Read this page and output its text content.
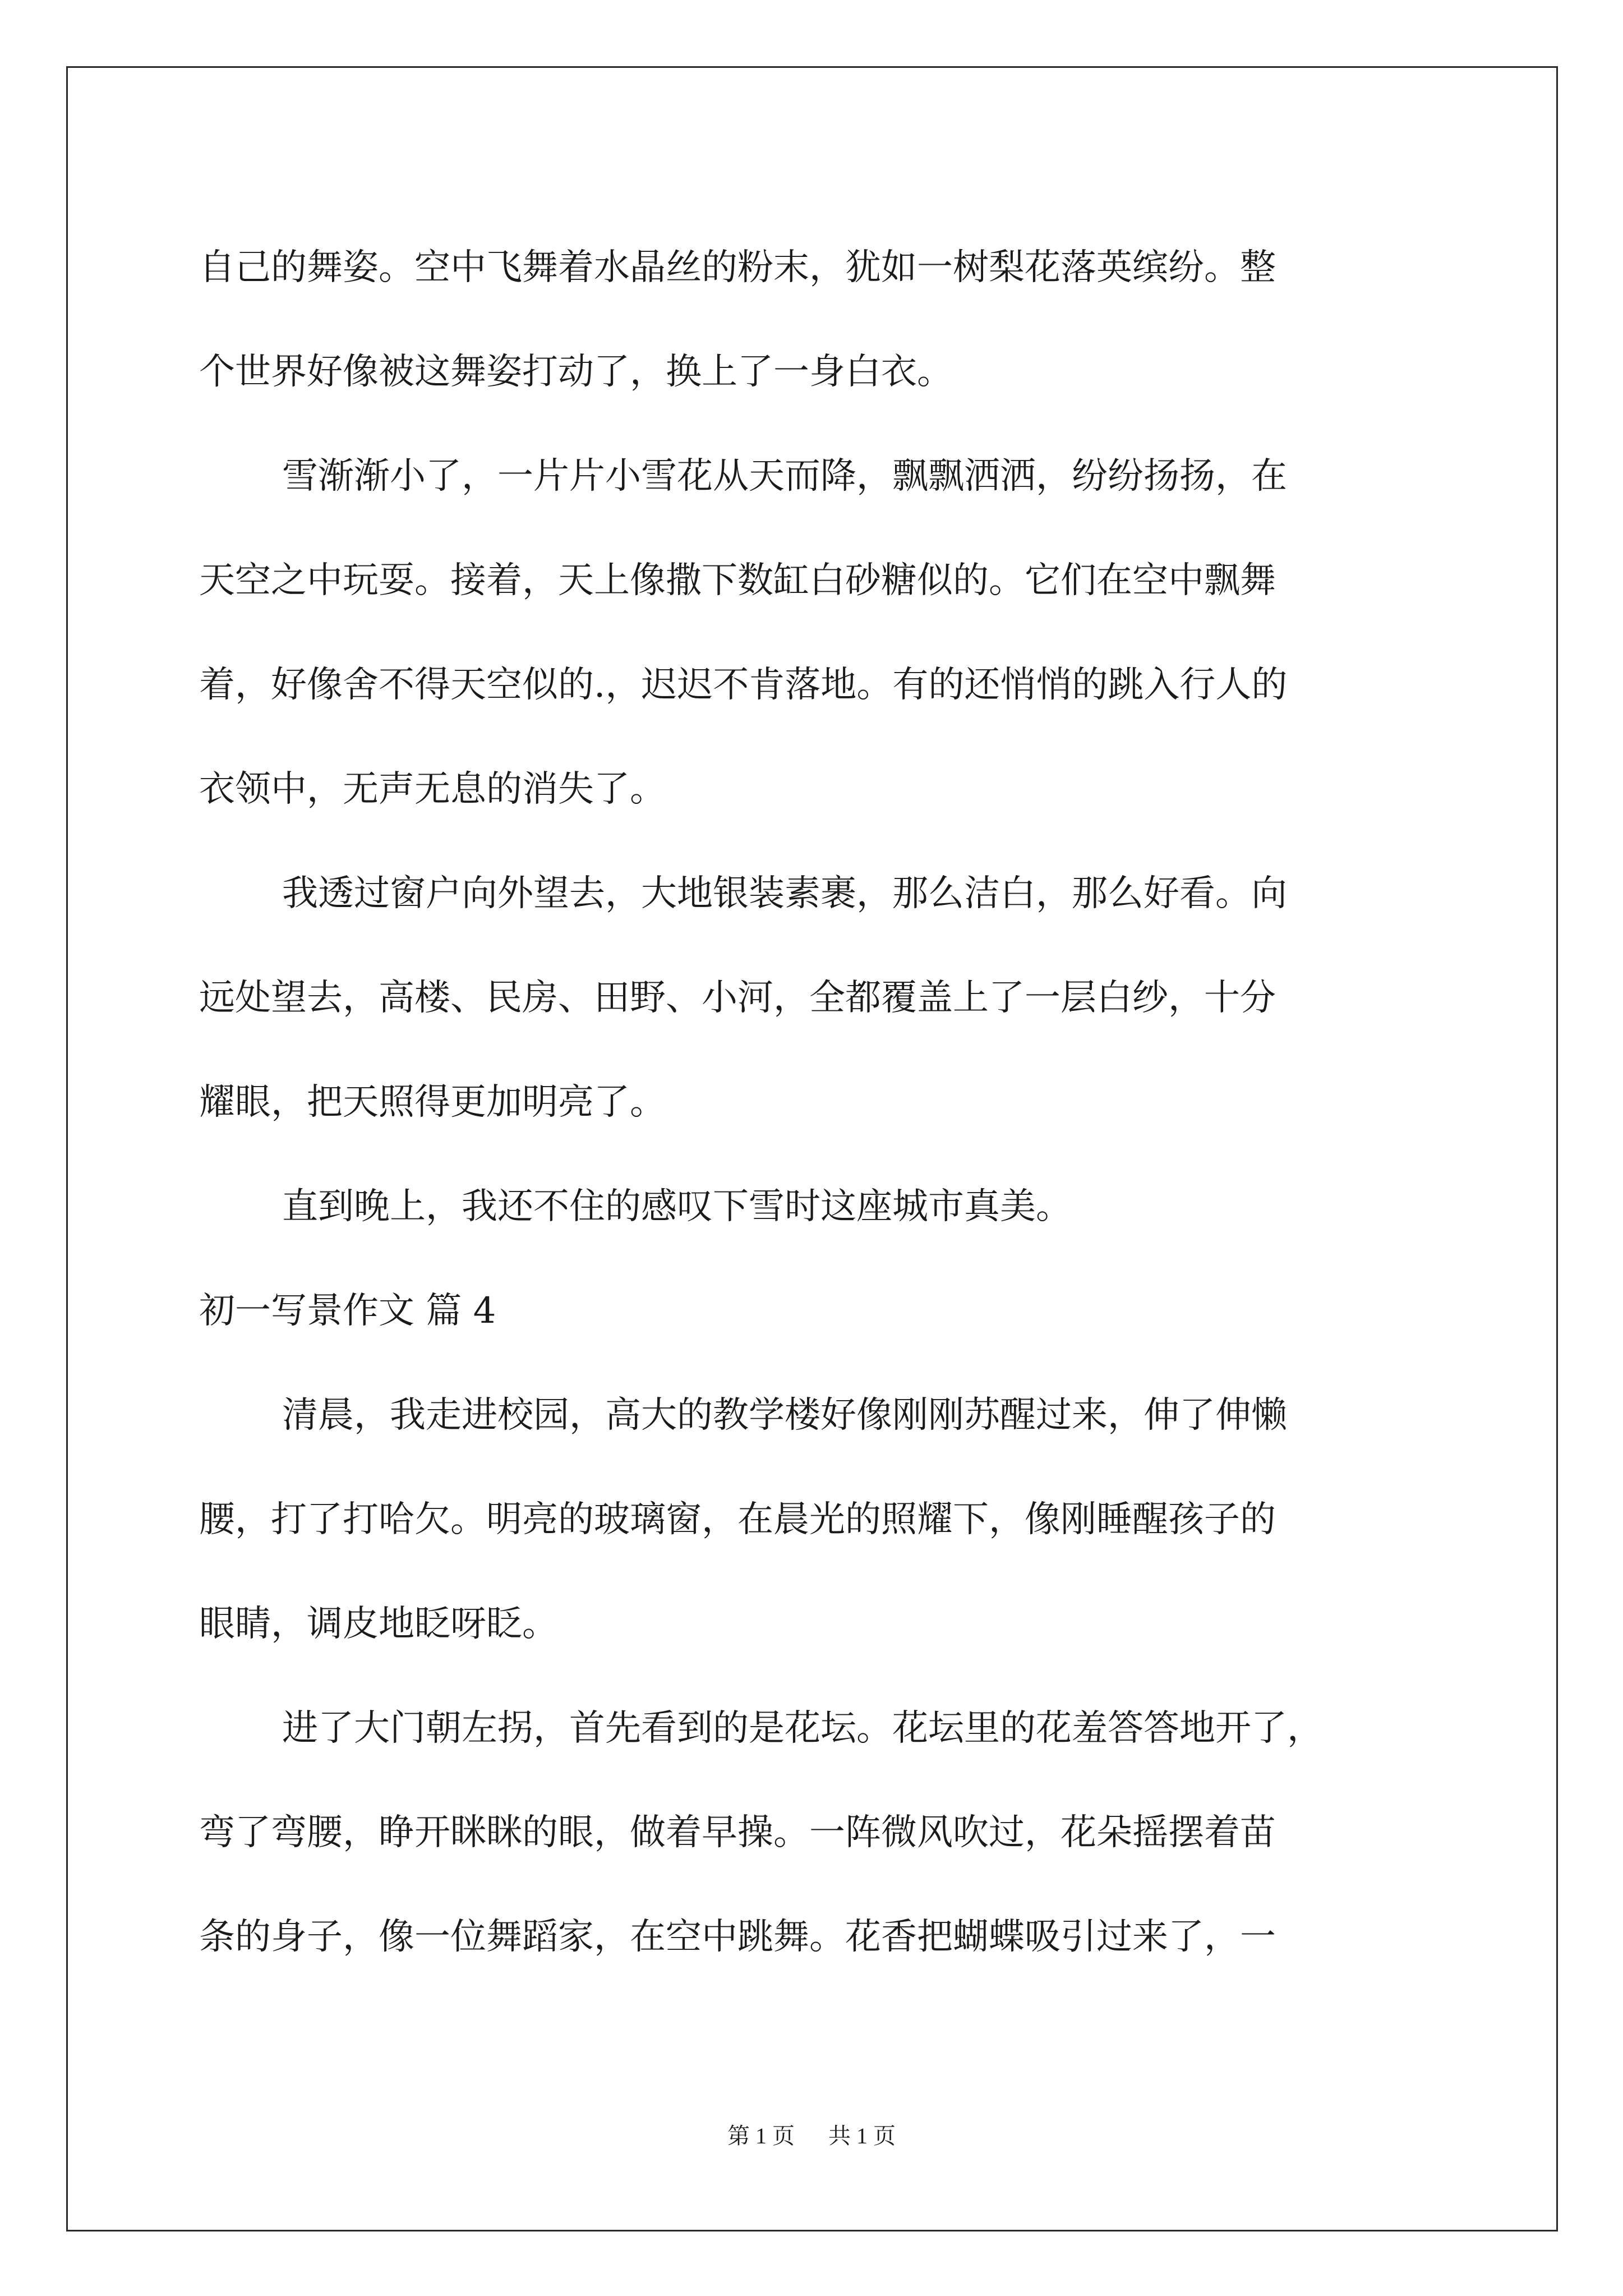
自己的舞姿。空中飞舞着水晶丝的粉末，犹如一树梨花落英缤纷。整
个世界好像被这舞姿打动了，换上了一身白衣。
雪渐渐小了，一片片小雪花从天而降，飘飘洒洒，纷纷扬扬，在
天空之中玩耍。接着，天上像撒下数缸白砂糖似的。它们在空中飘舞
着，好像舍不得天空似的.，迟迟不肯落地。有的还悄悄的跳入行人的
衣领中，无声无息的消失了。
我透过窗户向外望去，大地银装素裹，那么洁白，那么好看。向
远处望去，高楼、民房、田野、小河，全都覆盖上了一层白纱，十分
耀眼，把天照得更加明亮了。
直到晚上，我还不住的感叹下雪时这座城市真美。
初一写景作文 篇 4
清晨，我走进校园，高大的教学楼好像刚刚苏醒过来，伸了伸懒
腰，打了打哈欠。明亮的玻璃窗，在晨光的照耀下，像刚睡醒孩子的
眼睛，调皮地眨呀眨。
进了大门朝左拐，首先看到的是花坛。花坛里的花羞答答地开了，
弯了弯腰，睁开眯眯的眼，做着早操。一阵微风吹过，花朵摇摆着苗
条的身子，像一位舞蹈家，在空中跳舞。花香把蝴蝶吸引过来了，一
第 1 页 共 1 页
